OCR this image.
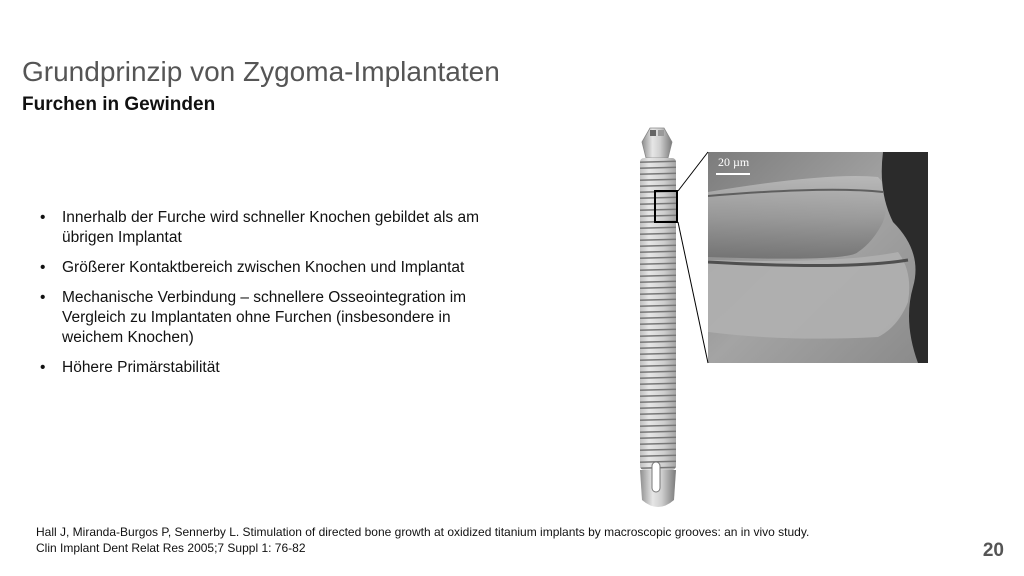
Grundprinzip von Zygoma-Implantaten
Furchen in Gewinden
• Innerhalb der Furche wird schneller Knochen gebildet als am übrigen Implantat
• Größerer Kontaktbereich zwischen Knochen und Implantat
• Mechanische Verbindung – schnellere Osseointegration im Vergleich zu Implantaten ohne Furchen (insbesondere in weichem Knochen)
• Höhere Primärstabilität
20 µm
Hall J, Miranda-Burgos P, Sennerby L. Stimulation of directed bone growth at oxidized titanium implants by macroscopic grooves: an in vivo study.
Clin Implant Dent Relat Res 2005;7 Suppl 1: 76-82	20
